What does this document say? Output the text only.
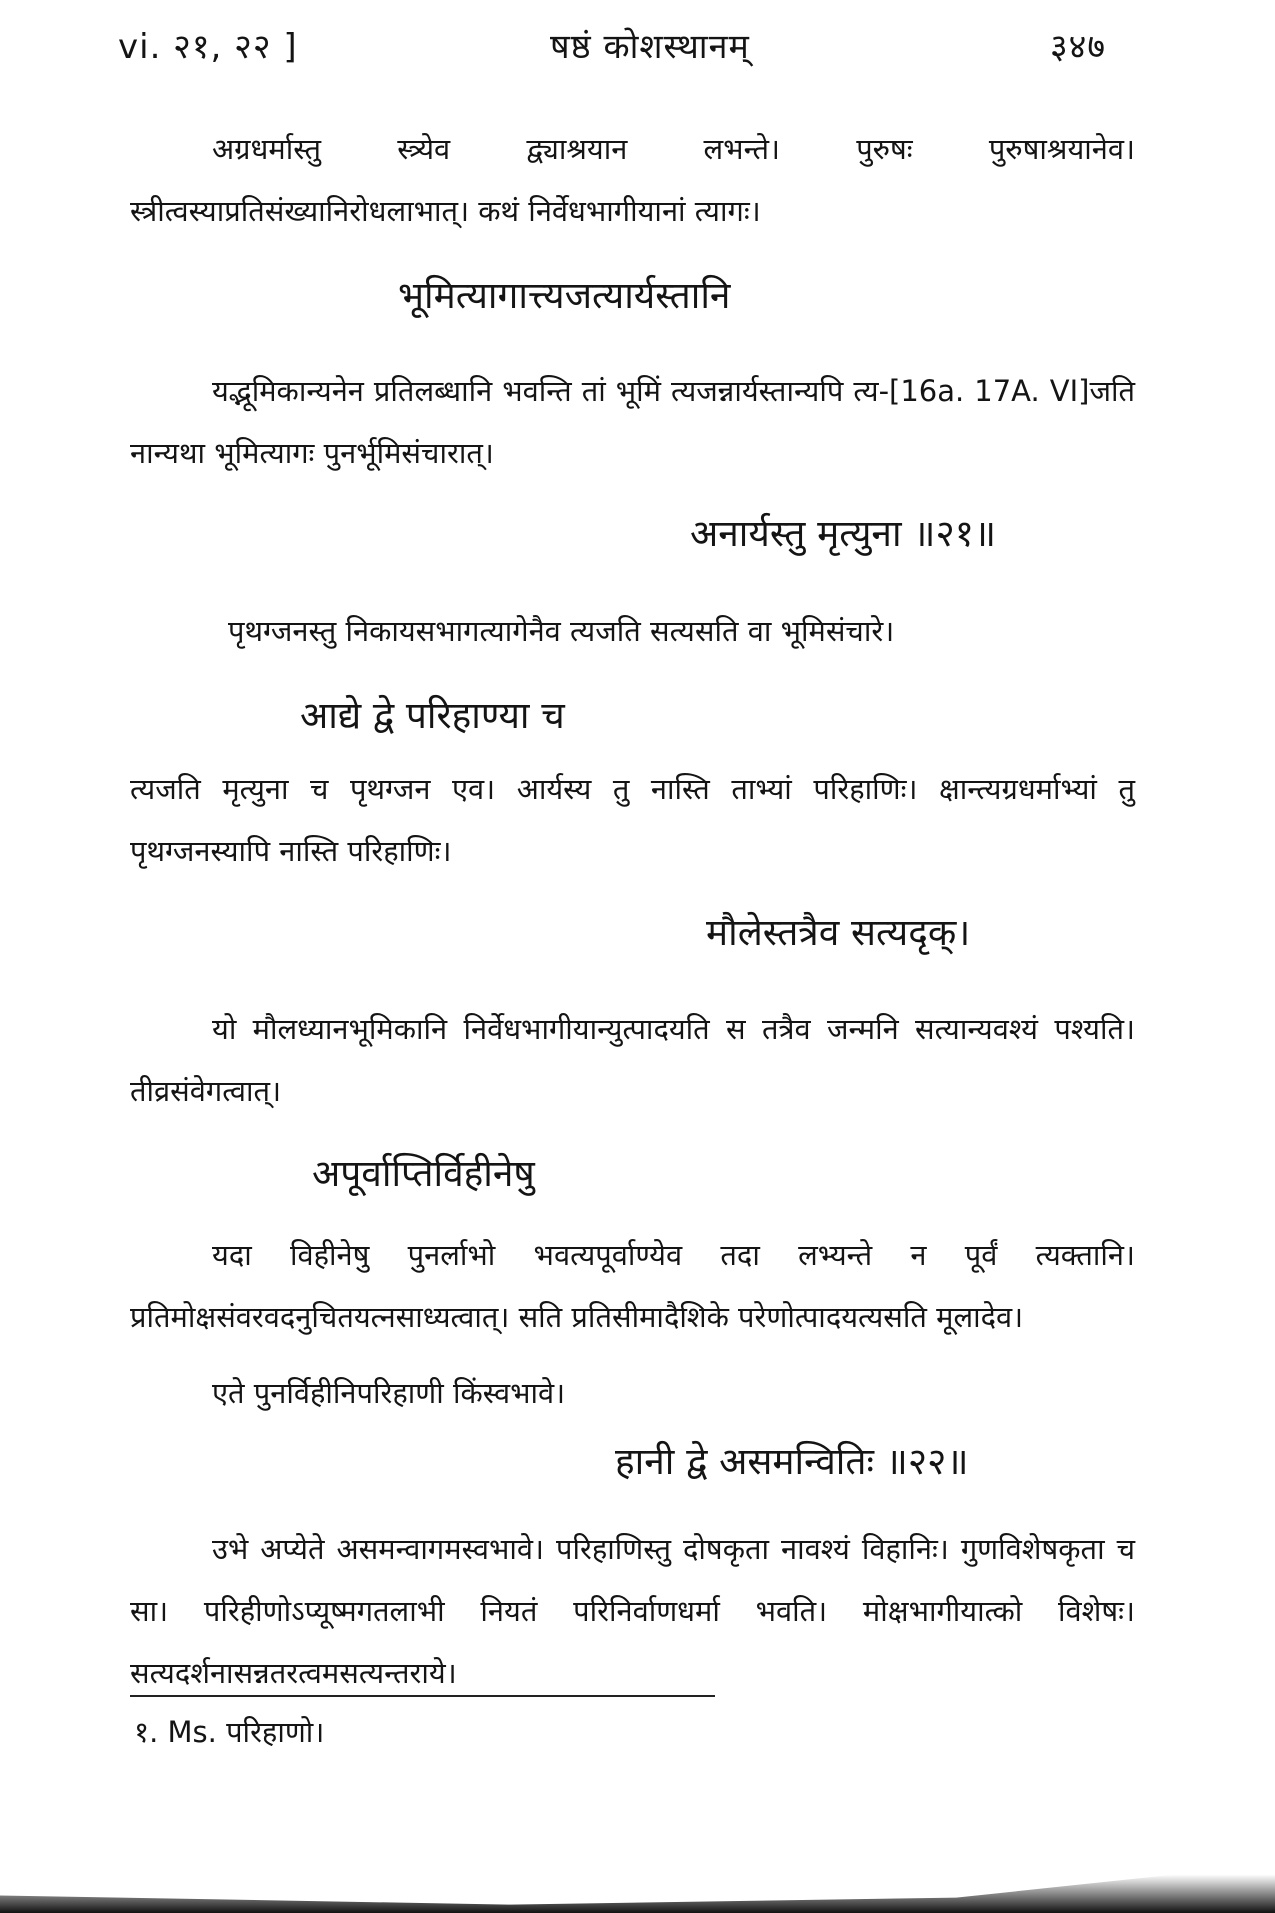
vi. २१, २२ ]	षष्ठं कोशस्थानम्	३४७

अग्रधर्मास्तु स्त्र्येव द्व्याश्रयान लभन्ते। पुरुषः पुरुषाश्रयानेव। स्त्रीत्वस्याप्रतिसंख्यानिरोधलाभात्। कथं निर्वेधभागीयानां त्यागः।

भूमित्यागात्त्यजत्यार्यस्तानि

यद्भूमिकान्यनेन प्रतिलब्धानि भवन्ति तां भूमिं त्यजन्नार्यस्तान्यपि त्य-[16a. 17A. VI]जति नान्यथा भूमित्यागः पुनर्भूमिसंचारात्।

अनार्यस्तु मृत्युना ॥२१॥

पृथग्जनस्तु निकायसभागत्यागेनैव त्यजति सत्यसति वा भूमिसंचारे।

आद्ये द्वे परिहाण्या च

त्यजति मृत्युना च पृथग्जन एव। आर्यस्य तु नास्ति ताभ्यां परिहाणिः। क्षान्त्यग्रधर्माभ्यां तु पृथग्जनस्यापि नास्ति परिहाणिः।

मौलेस्तत्रैव सत्यदृक्।

यो मौलध्यानभूमिकानि निर्वेधभागीयान्युत्पादयति स तत्रैव जन्मनि सत्यान्यवश्यं पश्यति। तीव्रसंवेगत्वात्।

अपूर्वाप्तिर्विहीनेषु

यदा विहीनेषु पुनर्लाभो भवत्यपूर्वाण्येव तदा लभ्यन्ते न पूर्वं त्यक्तानि। प्रतिमोक्षसंवरवदनुचितयत्नसाध्यत्वात्। सति प्रतिसीमादैशिके परेणोत्पादयत्यसति मूलादेव।

एते पुनर्विहीनिपरिहाणी किंस्वभावे।

हानी द्वे असमन्वितिः ॥२२॥

उभे अप्येते असमन्वागमस्वभावे। परिहाणिस्तु दोषकृता नावश्यं विहानिः। गुणविशेषकृता च सा। परिहीणोऽप्यूष्मगतलाभी नियतं परिनिर्वाणधर्मा भवति। मोक्षभागीयात्को विशेषः। सत्यदर्शनासन्नतरत्वमसत्यन्तराये।

१. Ms. परिहाणो।
